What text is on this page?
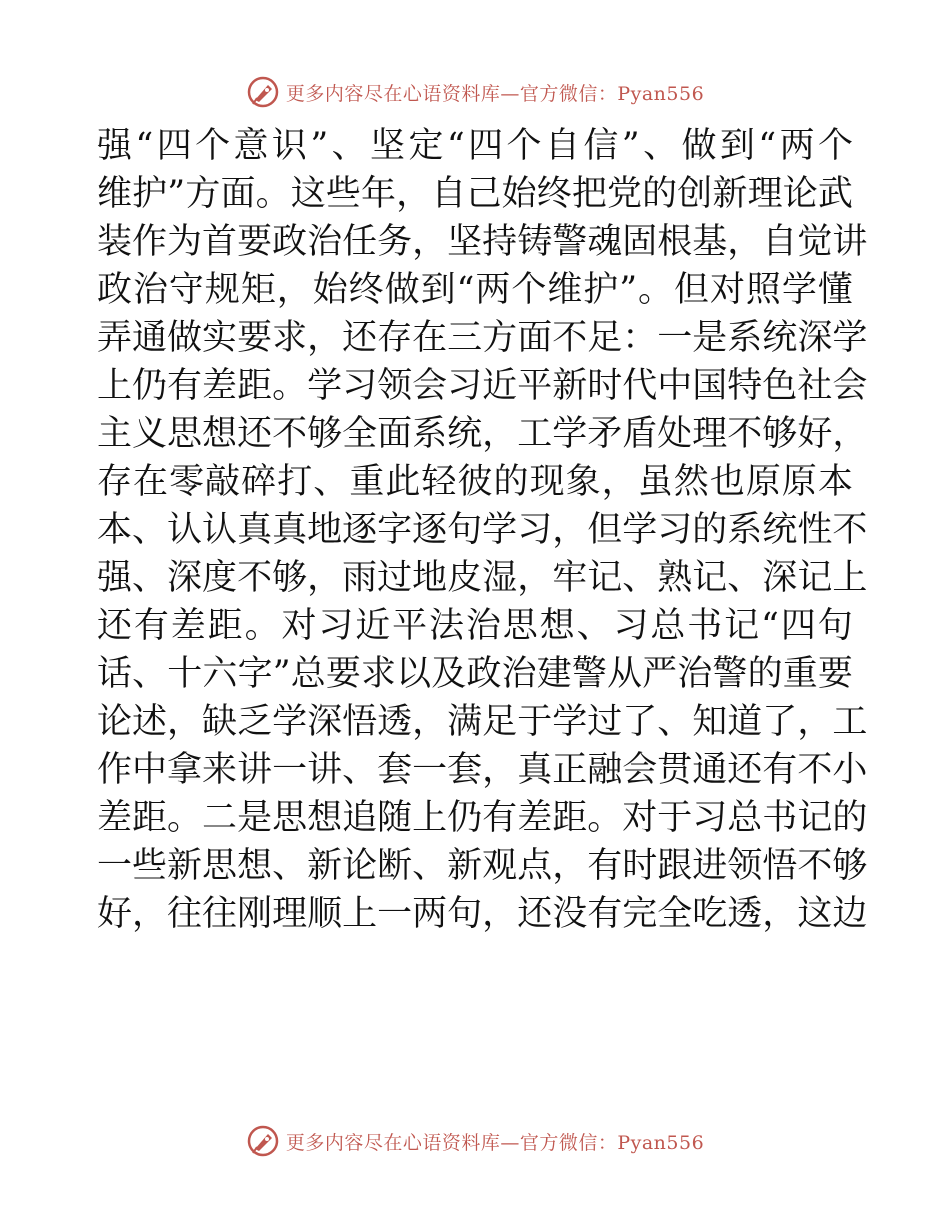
更多内容尽在心语资料库—官方微信：Pyan556
强 “ 四 个 意 识 ” 、 坚 定 “ 四 个 自 信 ” 、 做 到 “ 两 个
维 护 ” 方 面 。 这 些 年 ， 自 己 始 终 把 党 的 创 新 理 论 武
装 作 为 首 要 政 治 任 务 ， 坚 持 铸 警 魂 固 根 基 ， 自 觉 讲
政 治 守 规 矩 ， 始 终 做 到 “ 两 个 维 护 ” 。 但 对 照 学 懂
弄 通 做 实 要 求 ， 还 存 在 三 方 面 不 足 ： 一 是 系 统 深 学
上 仍 有 差 距 。 学 习 领 会 习 近 平 新 时 代 中 国 特 色 社 会
主 义 思 想 还 不 够 全 面 系 统 ， 工 学 矛 盾 处 理 不 够 好 ，
存 在 零 敲 碎 打 、 重 此 轻 彼 的 现 象 ， 虽 然 也 原 原 本
本 、 认 认 真 真 地 逐 字 逐 句 学 习 ， 但 学 习 的 系 统 性 不
强 、 深 度 不 够 ， 雨 过 地 皮 湿 ， 牢 记 、 熟 记 、 深 记 上
还 有 差 距 。 对 习 近 平 法 治 思 想 、 习 总 书 记 “ 四 句
话 、 十 六 字 ” 总 要 求 以 及 政 治 建 警 从 严 治 警 的 重 要
论 述 ， 缺 乏 学 深 悟 透 ， 满 足 于 学 过 了 、 知 道 了 ， 工
作 中 拿 来 讲 一 讲 、 套 一 套 ， 真 正 融 会 贯 通 还 有 不 小
差 距 。 二 是 思 想 追 随 上 仍 有 差 距 。 对 于 习 总 书 记 的
一 些 新 思 想 、 新 论 断 、 新 观 点 ， 有 时 跟 进 领 悟 不 够
好 ， 往 往 刚 理 顺 上 一 两 句 ， 还 没 有 完 全 吃 透 ， 这 边
更多内容尽在心语资料库—官方微信：Pyan556
